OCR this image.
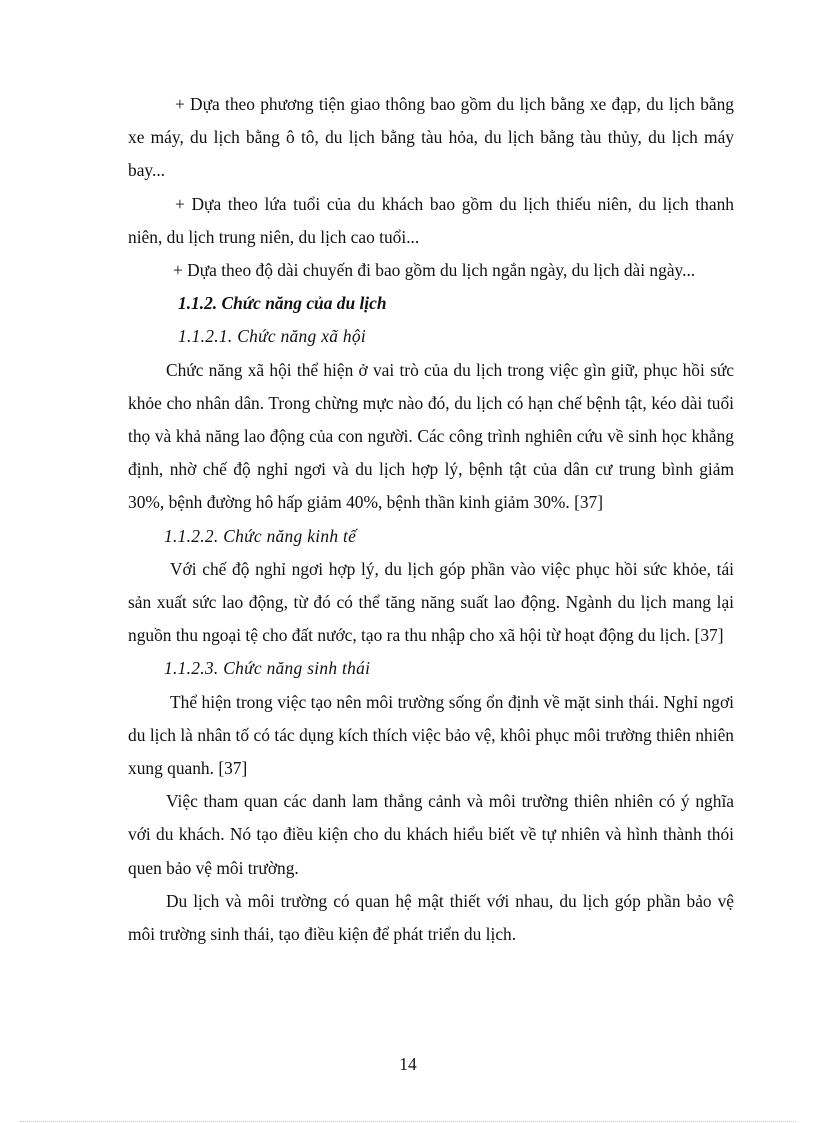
+ Dựa theo phương tiện giao thông bao gồm du lịch bằng xe đạp, du lịch bằng xe máy, du lịch bằng ô tô, du lịch bằng tàu hỏa, du lịch bằng tàu thủy, du lịch máy bay...

+ Dựa theo lứa tuổi của du khách bao gồm du lịch thiếu niên, du lịch thanh niên, du lịch trung niên, du lịch cao tuổi...

+ Dựa theo độ dài chuyến đi bao gồm du lịch ngắn ngày, du lịch dài ngày...

1.1.2. Chức năng của du lịch

1.1.2.1. Chức năng xã hội

Chức năng xã hội thể hiện ở vai trò của du lịch trong việc gìn giữ, phục hồi sức khỏe cho nhân dân. Trong chừng mực nào đó, du lịch có hạn chế bệnh tật, kéo dài tuổi thọ và khả năng lao động của con người. Các công trình nghiên cứu về sinh học khẳng định, nhờ chế độ nghỉ ngơi và du lịch hợp lý, bệnh tật của dân cư trung bình giảm 30%, bệnh đường hô hấp giảm 40%, bệnh thần kinh giảm 30%. [37]

1.1.2.2. Chức năng kinh tế

Với chế độ nghỉ ngơi hợp lý, du lịch góp phần vào việc phục hồi sức khỏe, tái sản xuất sức lao động, từ đó có thể tăng năng suất lao động. Ngành du lịch mang lại nguồn thu ngoại tệ cho đất nước, tạo ra thu nhập cho xã hội từ hoạt động du lịch. [37]

1.1.2.3. Chức năng sinh thái

Thể hiện trong việc tạo nên môi trường sống ổn định về mặt sinh thái. Nghỉ ngơi du lịch là nhân tố có tác dụng kích thích việc bảo vệ, khôi phục môi trường thiên nhiên xung quanh. [37]

Việc tham quan các danh lam thắng cảnh và môi trường thiên nhiên có ý nghĩa với du khách. Nó tạo điều kiện cho du khách hiểu biết về tự nhiên và hình thành thói quen bảo vệ môi trường.

Du lịch và môi trường có quan hệ mật thiết với nhau, du lịch góp phần bảo vệ môi trường sinh thái, tạo điều kiện để phát triển du lịch.

14
